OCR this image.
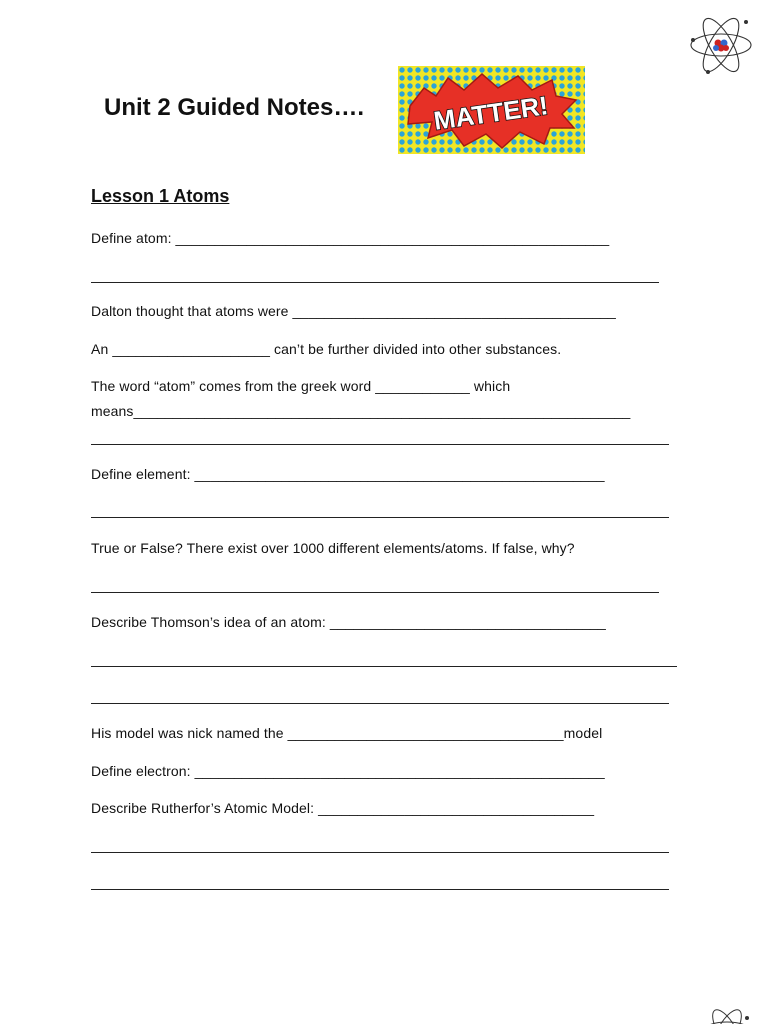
Unit 2 Guided Notes….	MATTER!
Lesson 1 Atoms
Define atom: _______________________________________________________
Dalton thought that atoms were _________________________________________
An ____________________ can’t be further divided into other substances.
The word “atom” comes from the greek word ____________ which
means_______________________________________________________________
Define element: ____________________________________________________
True or False? There exist over 1000 different elements/atoms. If false, why?
Describe Thomson’s idea of an atom: ___________________________________
His model was nick named the ___________________________________model
Define electron: ____________________________________________________
Describe Rutherfor’s Atomic Model: ___________________________________
